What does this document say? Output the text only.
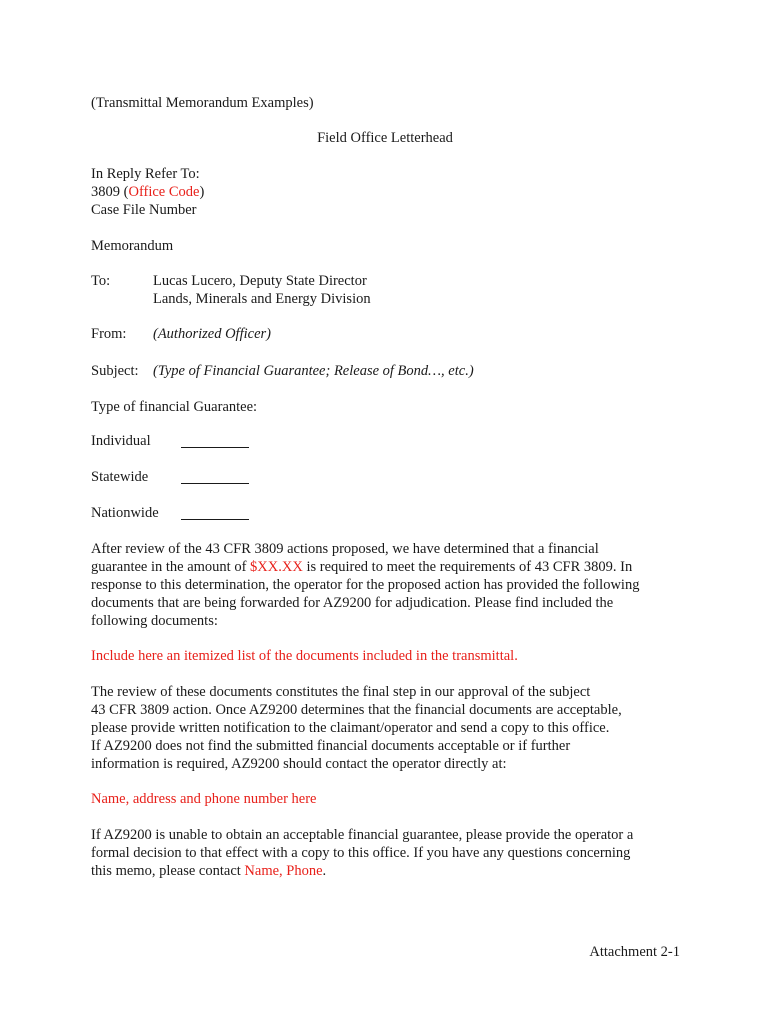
(Transmittal Memorandum Examples)
Field Office Letterhead
In Reply Refer To:
3809 (Office Code)
Case File Number
Memorandum
To:	Lucas Lucero, Deputy State Director
Lands, Minerals and Energy Division
From: (Authorized Officer)
Subject: (Type of Financial Guarantee; Release of Bond…, etc.)
Type of financial Guarantee:
Individual
Statewide
Nationwide
After review of the 43 CFR 3809 actions proposed, we have determined that a financial
guarantee in the amount of $XX.XX is required to meet the requirements of 43 CFR 3809. In
response to this determination, the operator for the proposed action has provided the following
documents that are being forwarded for AZ9200 for adjudication. Please find included the
following documents:
Include here an itemized list of the documents included in the transmittal.
The review of these documents constitutes the final step in our approval of the subject
43 CFR 3809 action. Once AZ9200 determines that the financial documents are acceptable,
please provide written notification to the claimant/operator and send a copy to this office.
If AZ9200 does not find the submitted financial documents acceptable or if further
information is required, AZ9200 should contact the operator directly at:
Name, address and phone number here
If AZ9200 is unable to obtain an acceptable financial guarantee, please provide the operator a
formal decision to that effect with a copy to this office. If you have any questions concerning
this memo, please contact Name, Phone.
Attachment 2-1
